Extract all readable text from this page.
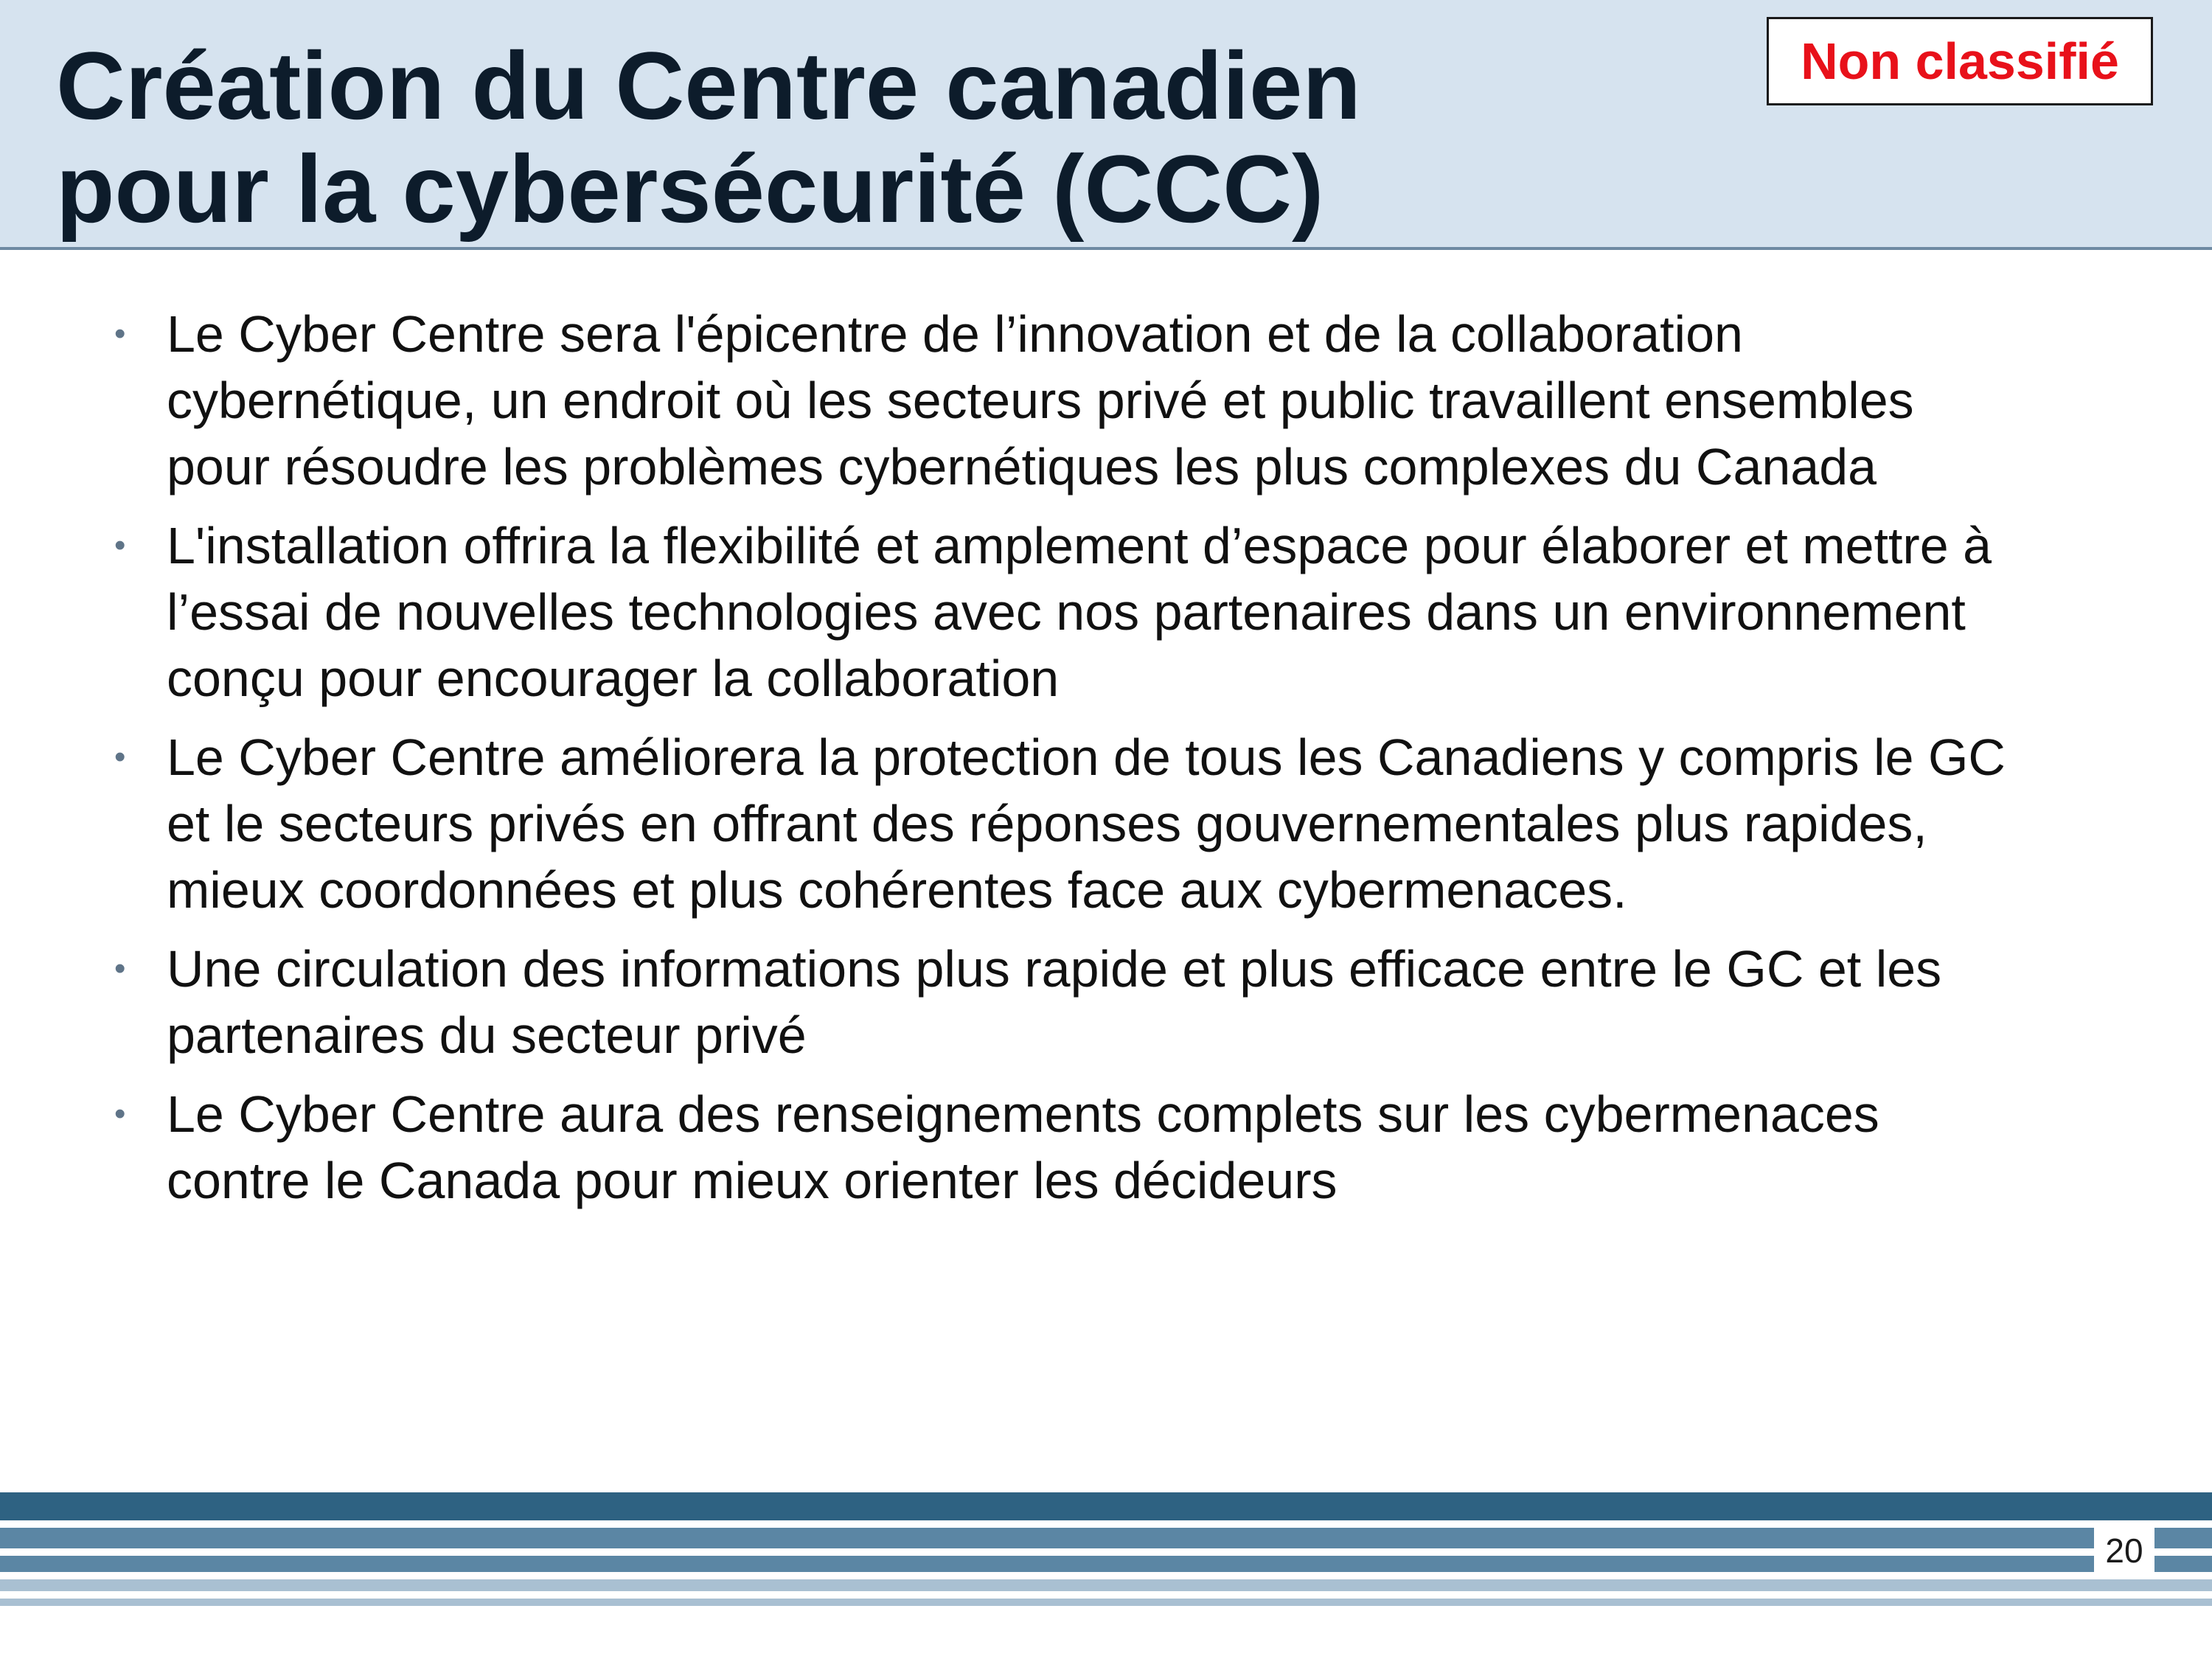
Création du Centre canadien
pour la cybersécurité (CCC)
Non classifié
• Le Cyber Centre sera l'épicentre de l’innovation et de la collaboration
cybernétique, un endroit où les secteurs privé et public travaillent ensembles
pour résoudre les problèmes cybernétiques les plus complexes du Canada
• L'installation offrira la flexibilité et amplement d’espace pour élaborer et mettre à
l’essai de nouvelles technologies avec nos partenaires dans un environnement
conçu pour encourager la collaboration
• Le Cyber Centre améliorera la protection de tous les Canadiens y compris le GC
et le secteurs privés en offrant des réponses gouvernementales plus rapides,
mieux coordonnées et plus cohérentes face aux cybermenaces.
• Une circulation des informations plus rapide et plus efficace entre le GC et les
partenaires du secteur privé
• Le Cyber Centre aura des renseignements complets sur les cybermenaces
contre le Canada pour mieux orienter les décideurs
20
